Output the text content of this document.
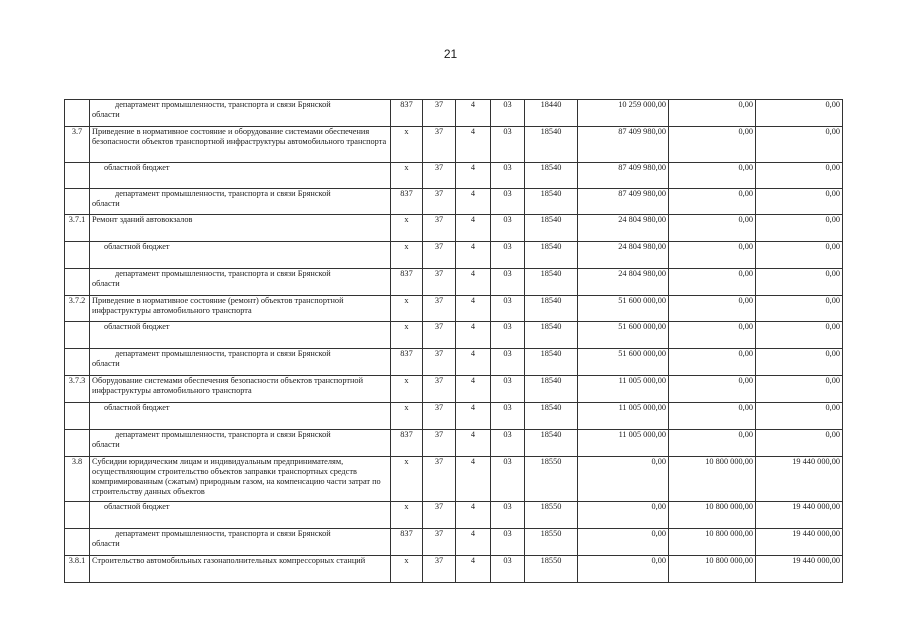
21

	департамент промышленности, транспорта и связи Брянской
области	837	37	4	03	18440	10 259 000,00	0,00	0,00
3.7	Приведение в нормативное состояние и оборудование системами обеспечения безопасности объектов транспортной инфраструктуры автомобильного транспорта	х	37	4	03	18540	87 409 980,00	0,00	0,00
	областной бюджет	х	37	4	03	18540	87 409 980,00	0,00	0,00

	департамент промышленности, транспорта и связи Брянской
области	837	37	4	03	18540	87 409 980,00	0,00	0,00
3.7.1	Ремонт зданий автовокзалов	х	37	4	03	18540	24 804 980,00	0,00	0,00
	областной бюджет	х	37	4	03	18540	24 804 980,00	0,00	0,00

	департамент промышленности, транспорта и связи Брянской
области	837	37	4	03	18540	24 804 980,00	0,00	0,00
3.7.2	Приведение в нормативное состояние (ремонт) объектов транспортной инфраструктуры автомобильного транспорта	х	37	4	03	18540	51 600 000,00	0,00	0,00
	областной бюджет	х	37	4	03	18540	51 600 000,00	0,00	0,00

	департамент промышленности, транспорта и связи Брянской
области	837	37	4	03	18540	51 600 000,00	0,00	0,00
3.7.3	Оборудование системами обеспечения безопасности объектов транспортной инфраструктуры автомобильного транспорта	х	37	4	03	18540	11 005 000,00	0,00	0,00
	областной бюджет	х	37	4	03	18540	11 005 000,00	0,00	0,00

	департамент промышленности, транспорта и связи Брянской
области	837	37	4	03	18540	11 005 000,00	0,00	0,00
3.8	Субсидии юридическим лицам и индивидуальным предпринимателям, осуществляющим строительство объектов заправки транспортных средств компримированным (сжатым) природным газом, на компенсацию части затрат по строительству данных объектов	х	37	4	03	18550	0,00	10 800 000,00	19 440 000,00
	областной бюджет	х	37	4	03	18550	0,00	10 800 000,00	19 440 000,00

	департамент промышленности, транспорта и связи Брянской
области	837	37	4	03	18550	0,00	10 800 000,00	19 440 000,00
3.8.1	Строительство автомобильных газонаполнительных компрессорных станций	х	37	4	03	18550	0,00	10 800 000,00	19 440 000,00
